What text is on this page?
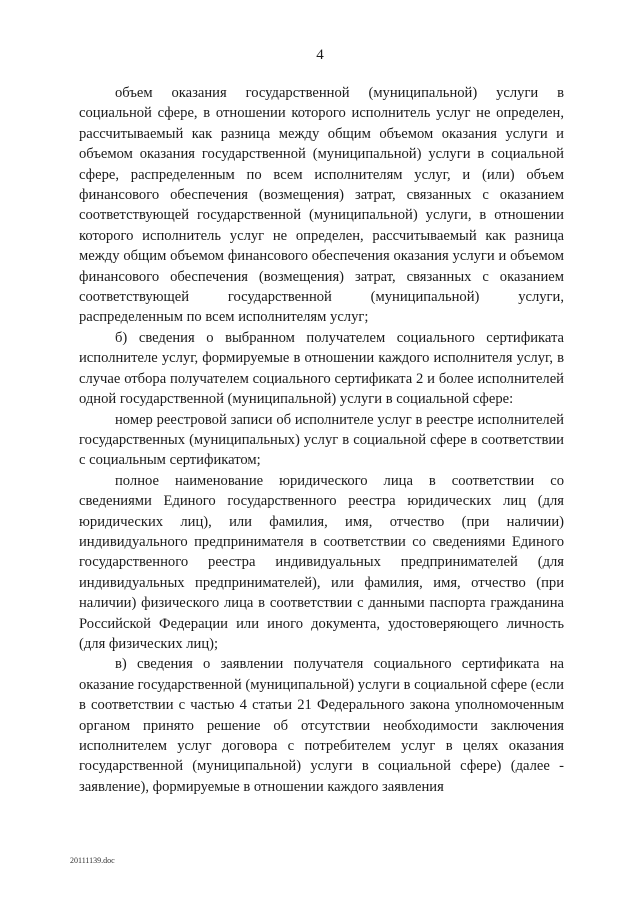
4

объем оказания государственной (муниципальной) услуги в социальной сфере, в отношении которого исполнитель услуг не определен, рассчитываемый как разница между общим объемом оказания услуги и объемом оказания государственной (муниципальной) услуги в социальной сфере, распределенным по всем исполнителям услуг, и (или) объем финансового обеспечения (возмещения) затрат, связанных с оказанием соответствующей государственной (муниципальной) услуги, в отношении которого исполнитель услуг не определен, рассчитываемый как разница между общим объемом финансового обеспечения оказания услуги и объемом финансового обеспечения (возмещения) затрат, связанных с оказанием соответствующей государственной (муниципальной) услуги, распределенным по всем исполнителям услуг;

б) сведения о выбранном получателем социального сертификата исполнителе услуг, формируемые в отношении каждого исполнителя услуг, в случае отбора получателем социального сертификата 2 и более исполнителей одной государственной (муниципальной) услуги в социальной сфере:

номер реестровой записи об исполнителе услуг в реестре исполнителей государственных (муниципальных) услуг в социальной сфере в соответствии с социальным сертификатом;

полное наименование юридического лица в соответствии со сведениями Единого государственного реестра юридических лиц (для юридических лиц), или фамилия, имя, отчество (при наличии) индивидуального предпринимателя в соответствии со сведениями Единого государственного реестра индивидуальных предпринимателей (для индивидуальных предпринимателей), или фамилия, имя, отчество (при наличии) физического лица в соответствии с данными паспорта гражданина Российской Федерации или иного документа, удостоверяющего личность (для физических лиц);

в) сведения о заявлении получателя социального сертификата на оказание государственной (муниципальной) услуги в социальной сфере (если в соответствии с частью 4 статьи 21 Федерального закона уполномоченным органом принято решение об отсутствии необходимости заключения исполнителем услуг договора с потребителем услуг в целях оказания государственной (муниципальной) услуги в социальной сфере) (далее - заявление), формируемые в отношении каждого заявления

20111139.doc
